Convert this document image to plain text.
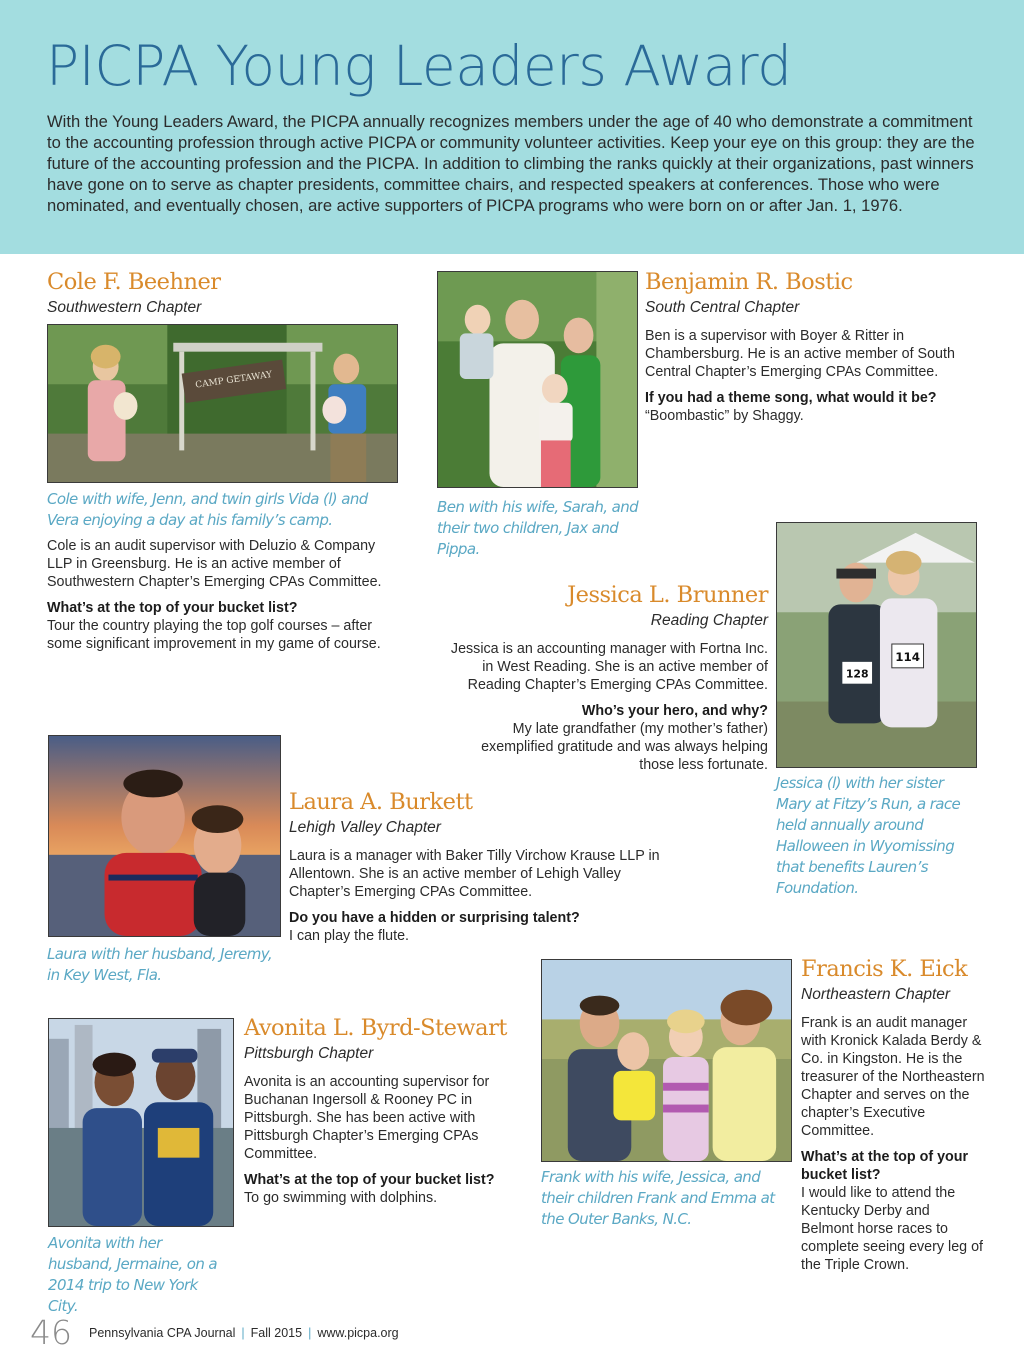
PICPA Young Leaders Award

With the Young Leaders Award, the PICPA annually recognizes members under the age of 40 who demonstrate a commitment to the accounting profession through active PICPA or community volunteer activities. Keep your eye on this group: they are the future of the accounting profession and the PICPA. In addition to climbing the ranks quickly at their organizations, past winners have gone on to serve as chapter presidents, committee chairs, and respected speakers at conferences. Those who were nominated, and eventually chosen, are active supporters of PICPA programs who were born on or after Jan. 1, 1976.

Cole F. Beehner
Southwestern Chapter
CAMP GETAWAY
Cole with wife, Jenn, and twin girls Vida (l) and Vera enjoying a day at his family’s camp.
Cole is an audit supervisor with Deluzio & Company LLP in Greensburg. He is an active member of Southwestern Chapter’s Emerging CPAs Committee.
What’s at the top of your bucket list?
Tour the country playing the top golf courses – after some significant improvement in my game of course.
Benjamin R. Bostic
South Central Chapter
Ben is a supervisor with Boyer & Ritter in Chambersburg. He is an active member of South Central Chapter’s Emerging CPAs Committee.
If you had a theme song, what would it be?
“Boombastic” by Shaggy.
Ben with his wife, Sarah, and their two children, Jax and Pippa.
128
114
Jessica L. Brunner
Reading Chapter
Jessica is an accounting manager with Fortna Inc. in West Reading. She is an active member of Reading Chapter’s Emerging CPAs Committee.
Who’s your hero, and why?
My late grandfather (my mother’s father) exemplified gratitude and was always helping those less fortunate.
Jessica (l) with her sister Mary at Fitzy’s Run, a race held annually around Halloween in Wyomissing that benefits Lauren’s Foundation.
Laura A. Burkett
Lehigh Valley Chapter
Laura is a manager with Baker Tilly Virchow Krause LLP in Allentown. She is an active member of Lehigh Valley Chapter’s Emerging CPAs Committee.
Do you have a hidden or surprising talent?
I can play the flute.
Laura with her husband, Jeremy, in Key West, Fla.	Francis K. Eick
Northeastern Chapter
Frank is an audit manager with Kronick Kalada Berdy & Co. in Kingston. He is the treasurer of the Northeastern Chapter and serves on the chapter’s Executive Committee.
What’s at the top of your bucket list?
I would like to attend the Kentucky Derby and Belmont horse races to complete seeing every leg of the Triple Crown.
Frank with his wife, Jessica, and their children Frank and Emma at the Outer Banks, N.C.
Avonita L. Byrd-Stewart
Pittsburgh Chapter
Avonita is an accounting supervisor for Buchanan Ingersoll & Rooney PC in Pittsburgh. She has been active with Pittsburgh Chapter’s Emerging CPAs Committee.
What’s at the top of your bucket list?
To go swimming with dolphins.
Avonita with her husband, Jermaine, on a 2014 trip to New York City.
46 Pennsylvania CPA Journal | Fall 2015 | www.picpa.org
